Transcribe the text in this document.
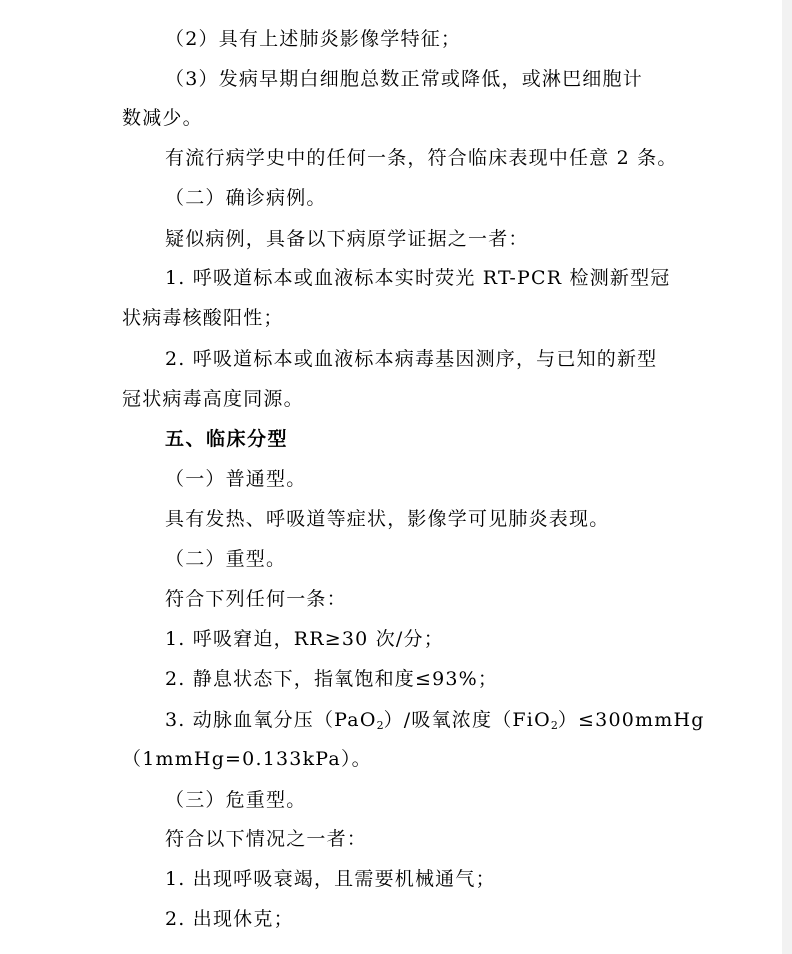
（2）具有上述肺炎影像学特征；
（3）发病早期白细胞总数正常或降低，或淋巴细胞计
数减少。
有流行病学史中的任何一条，符合临床表现中任意 2 条。
（二）确诊病例。
疑似病例，具备以下病原学证据之一者：
1. 呼吸道标本或血液标本实时荧光 RT-PCR 检测新型冠
状病毒核酸阳性；
2. 呼吸道标本或血液标本病毒基因测序，与已知的新型
冠状病毒高度同源。
五、临床分型
（一）普通型。
具有发热、呼吸道等症状，影像学可见肺炎表现。
（二）重型。
符合下列任何一条：
1. 呼吸窘迫，RR≥30 次/分；
2. 静息状态下，指氧饱和度≤93%；
3. 动脉血氧分压（PaO$_2$）/吸氧浓度（FiO$_2$）≤300mmHg
（1mmHg=0.133kPa）。
（三）危重型。
符合以下情况之一者：
1. 出现呼吸衰竭，且需要机械通气；
2. 出现休克；
